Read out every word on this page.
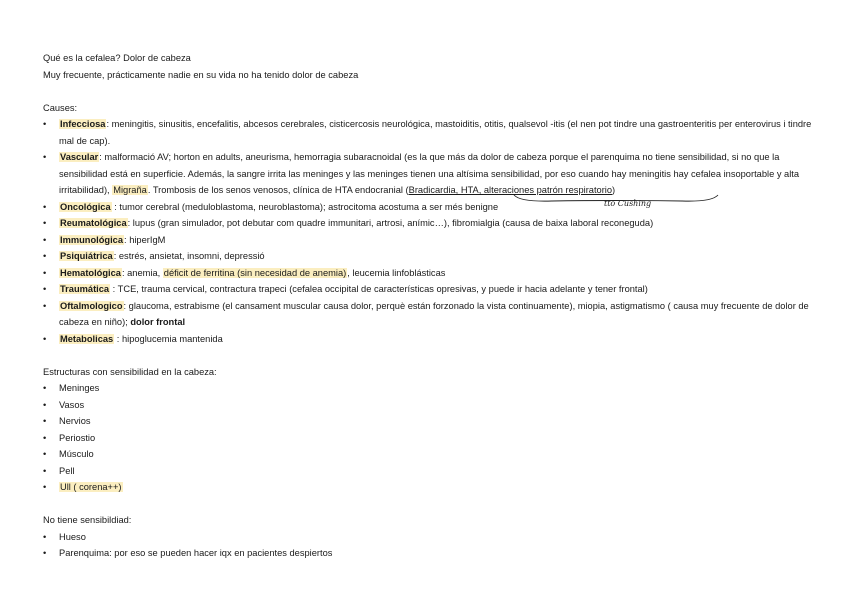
Qué es la cefalea? Dolor de cabeza
Muy frecuente, prácticamente nadie en su vida no ha tenido dolor de cabeza
Causes:
• Infecciosa: meningitis, sinusitis, encefalitis, abcesos cerebrales, cisticercosis neurológica, mastoiditis, otitis, qualsevol -itis (el nen pot tindre una gastroenteritis per enterovirus i tindre mal de cap).
• Vascular: malformació AV; horton en adults, aneurisma, hemorragia subaracnoidal (es la que más da dolor de cabeza porque el parenquima no tiene sensibilidad, si no que la sensibilidad está en superficie. Además, la sangre irrita las meninges y las meninges tienen una altísima sensibilidad, por eso cuando hay meningitis hay cefalea insoportable y alta irritabilidad), Migraña. Trombosis de los senos venosos, clínica de HTA endocranial (Bradicardia, HTA, alteraciones patrón respiratorio)
• Oncológica : tumor cerebral (meduloblastoma, neuroblastoma); astrocitoma acostuma a ser més benigne
• Reumatológica: lupus (gran simulador, pot debutar com quadre immunitari, artrosi, anímic…), fibromialgia (causa de baixa laboral reconeguda)
• Immunológica: hiperIgM
• Psiquiátrica: estrés, ansietat, insomni, depressió
• Hematológica: anemia, déficit de ferritina (sin necesidad de anemia), leucemia linfoblásticas
• Traumática : TCE, trauma cervical, contractura trapeci (cefalea occipital de características opresivas, y puede ir hacia adelante y tener frontal)
• Oftalmologico: glaucoma, estrabisme (el cansament muscular causa dolor, perquè están forzonado la vista continuamente), miopia, astigmatismo ( causa muy frecuente de dolor de cabeza en niño); dolor frontal
• Metabolicas : hipoglucemia mantenida
Estructuras con sensibilidad en la cabeza:
• Meninges
• Vasos
• Nervios
• Periostio
• Músculo
• Pell
• Ull ( corena++)
No tiene sensibildiad:
• Hueso
• Parenquima: por eso se pueden hacer iqx en pacientes despiertos
tto Cushing
